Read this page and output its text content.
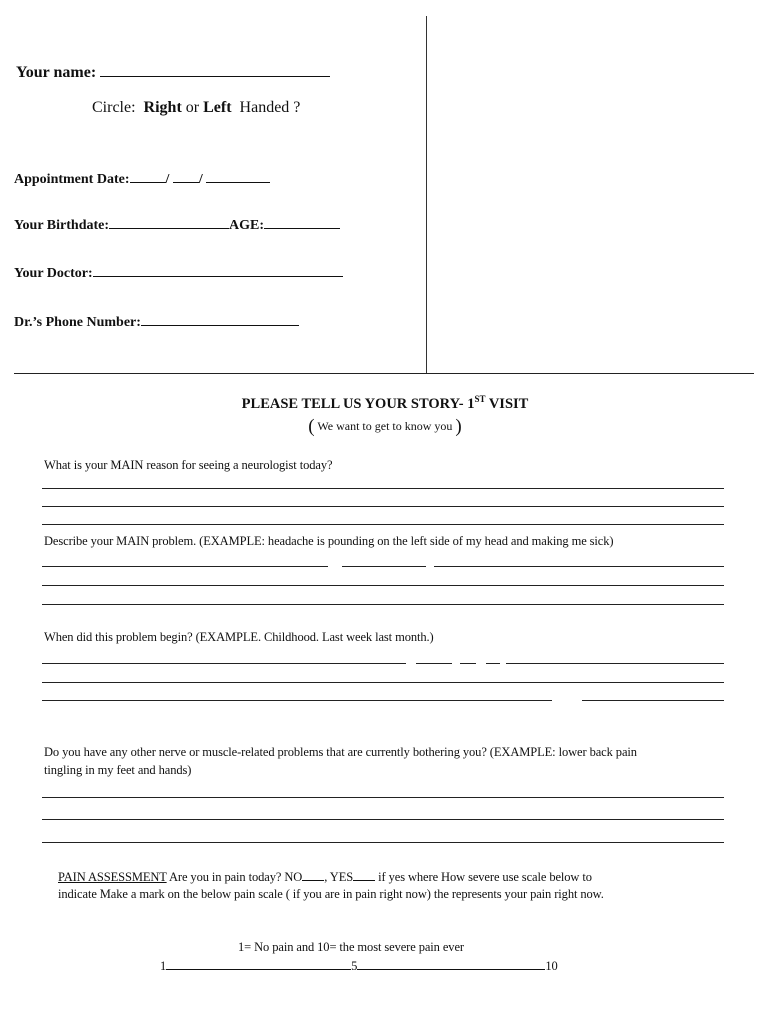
Your name:
Circle: Right or Left Handed ?
Appointment Date:	/ /
Your Birthdate:	AGE:
Your Doctor:
Dr.’s Phone Number:
PLEASE TELL US YOUR STORY- 1ST VISIT
( We want to get to know you )
What is your MAIN reason for seeing a neurologist today?
Describe your MAIN problem. (EXAMPLE: headache is pounding on the left side of my head and making me sick)
When did this problem begin? (EXAMPLE. Childhood. Last week last month.)
Do you have any other nerve or muscle-related problems that are currently bothering you? (EXAMPLE: lower back pain
tingling in my feet and hands)
PAIN ASSESSMENT Are you in pain today? NO , YES if yes where How severe use scale below to
indicate Make a mark on the below pain scale ( if you are in pain right now) the represents your pain right now.
1= No pain and 10= the most severe pain ever
1	5	10
